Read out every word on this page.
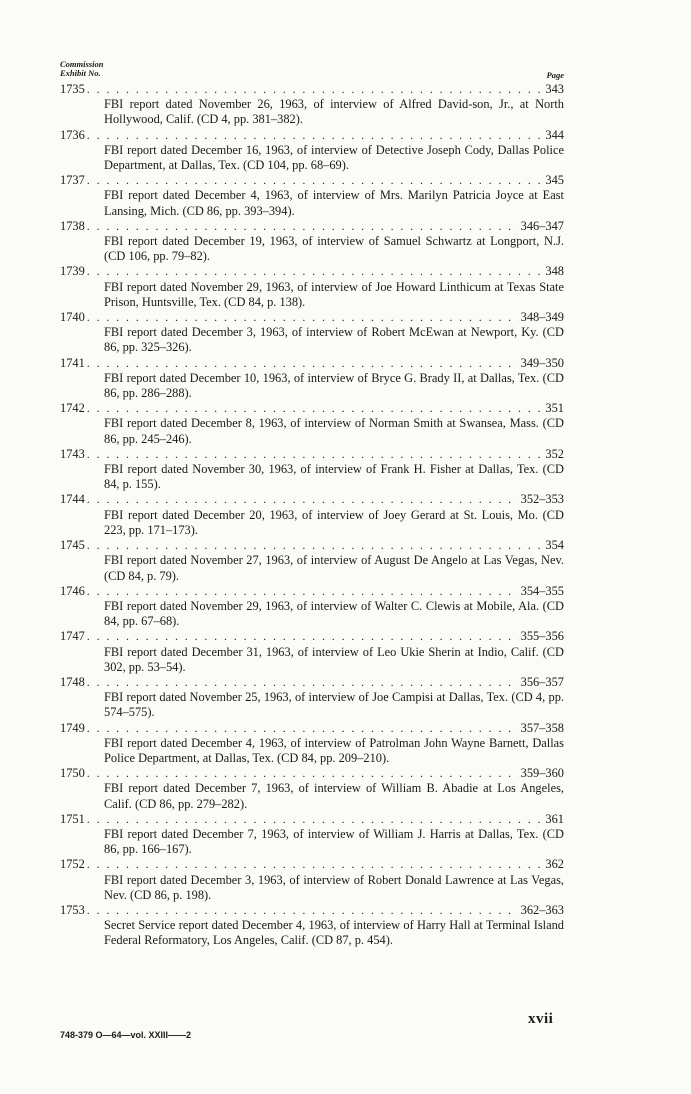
Commission
Exhibit No.	Page
1735 . . .	343
FBI report dated November 26, 1963, of interview of Alfred David-son, Jr., at North Hollywood, Calif. (CD 4, pp. 381–382).
1736 . . .	344
FBI report dated December 16, 1963, of interview of Detective Joseph Cody, Dallas Police Department, at Dallas, Tex. (CD 104, pp. 68–69).
1737 . . .	345
FBI report dated December 4, 1963, of interview of Mrs. Marilyn Patricia Joyce at East Lansing, Mich. (CD 86, pp. 393–394).
1738 . . .	346–347
FBI report dated December 19, 1963, of interview of Samuel Schwartz at Longport, N.J. (CD 106, pp. 79–82).
1739 . . .	348
FBI report dated November 29, 1963, of interview of Joe Howard Linthicum at Texas State Prison, Huntsville, Tex. (CD 84, p. 138).
1740 . . .	348–349
FBI report dated December 3, 1963, of interview of Robert McEwan at Newport, Ky. (CD 86, pp. 325–326).
1741 . . .	349–350
FBI report dated December 10, 1963, of interview of Bryce G. Brady II, at Dallas, Tex. (CD 86, pp. 286–288).
1742 . . .	351
FBI report dated December 8, 1963, of interview of Norman Smith at Swansea, Mass. (CD 86, pp. 245–246).
1743 . . .	352
FBI report dated November 30, 1963, of interview of Frank H. Fisher at Dallas, Tex. (CD 84, p. 155).
1744 . . .	352–353
FBI report dated December 20, 1963, of interview of Joey Gerard at St. Louis, Mo. (CD 223, pp. 171–173).
1745 . . .	354
FBI report dated November 27, 1963, of interview of August De Angelo at Las Vegas, Nev. (CD 84, p. 79).
1746 . . .	354–355
FBI report dated November 29, 1963, of interview of Walter C. Clewis at Mobile, Ala. (CD 84, pp. 67–68).
1747 . . .	355–356
FBI report dated December 31, 1963, of interview of Leo Ukie Sherin at Indio, Calif. (CD 302, pp. 53–54).
1748 . . .	356–357
FBI report dated November 25, 1963, of interview of Joe Campisi at Dallas, Tex. (CD 4, pp. 574–575).
1749 . . .	357–358
FBI report dated December 4, 1963, of interview of Patrolman John Wayne Barnett, Dallas Police Department, at Dallas, Tex. (CD 84, pp. 209–210).
1750 . . .	359–360
FBI report dated December 7, 1963, of interview of William B. Abadie at Los Angeles, Calif. (CD 86, pp. 279–282).
1751 . . .	361
FBI report dated December 7, 1963, of interview of William J. Harris at Dallas, Tex. (CD 86, pp. 166–167).
1752 . . .	362
FBI report dated December 3, 1963, of interview of Robert Donald Lawrence at Las Vegas, Nev. (CD 86, p. 198).
1753 . . .	362–363
Secret Service report dated December 4, 1963, of interview of Harry Hall at Terminal Island Federal Reformatory, Los Angeles, Calif. (CD 87, p. 454).
xvii
748-379 O—64—vol. XXIII——2
